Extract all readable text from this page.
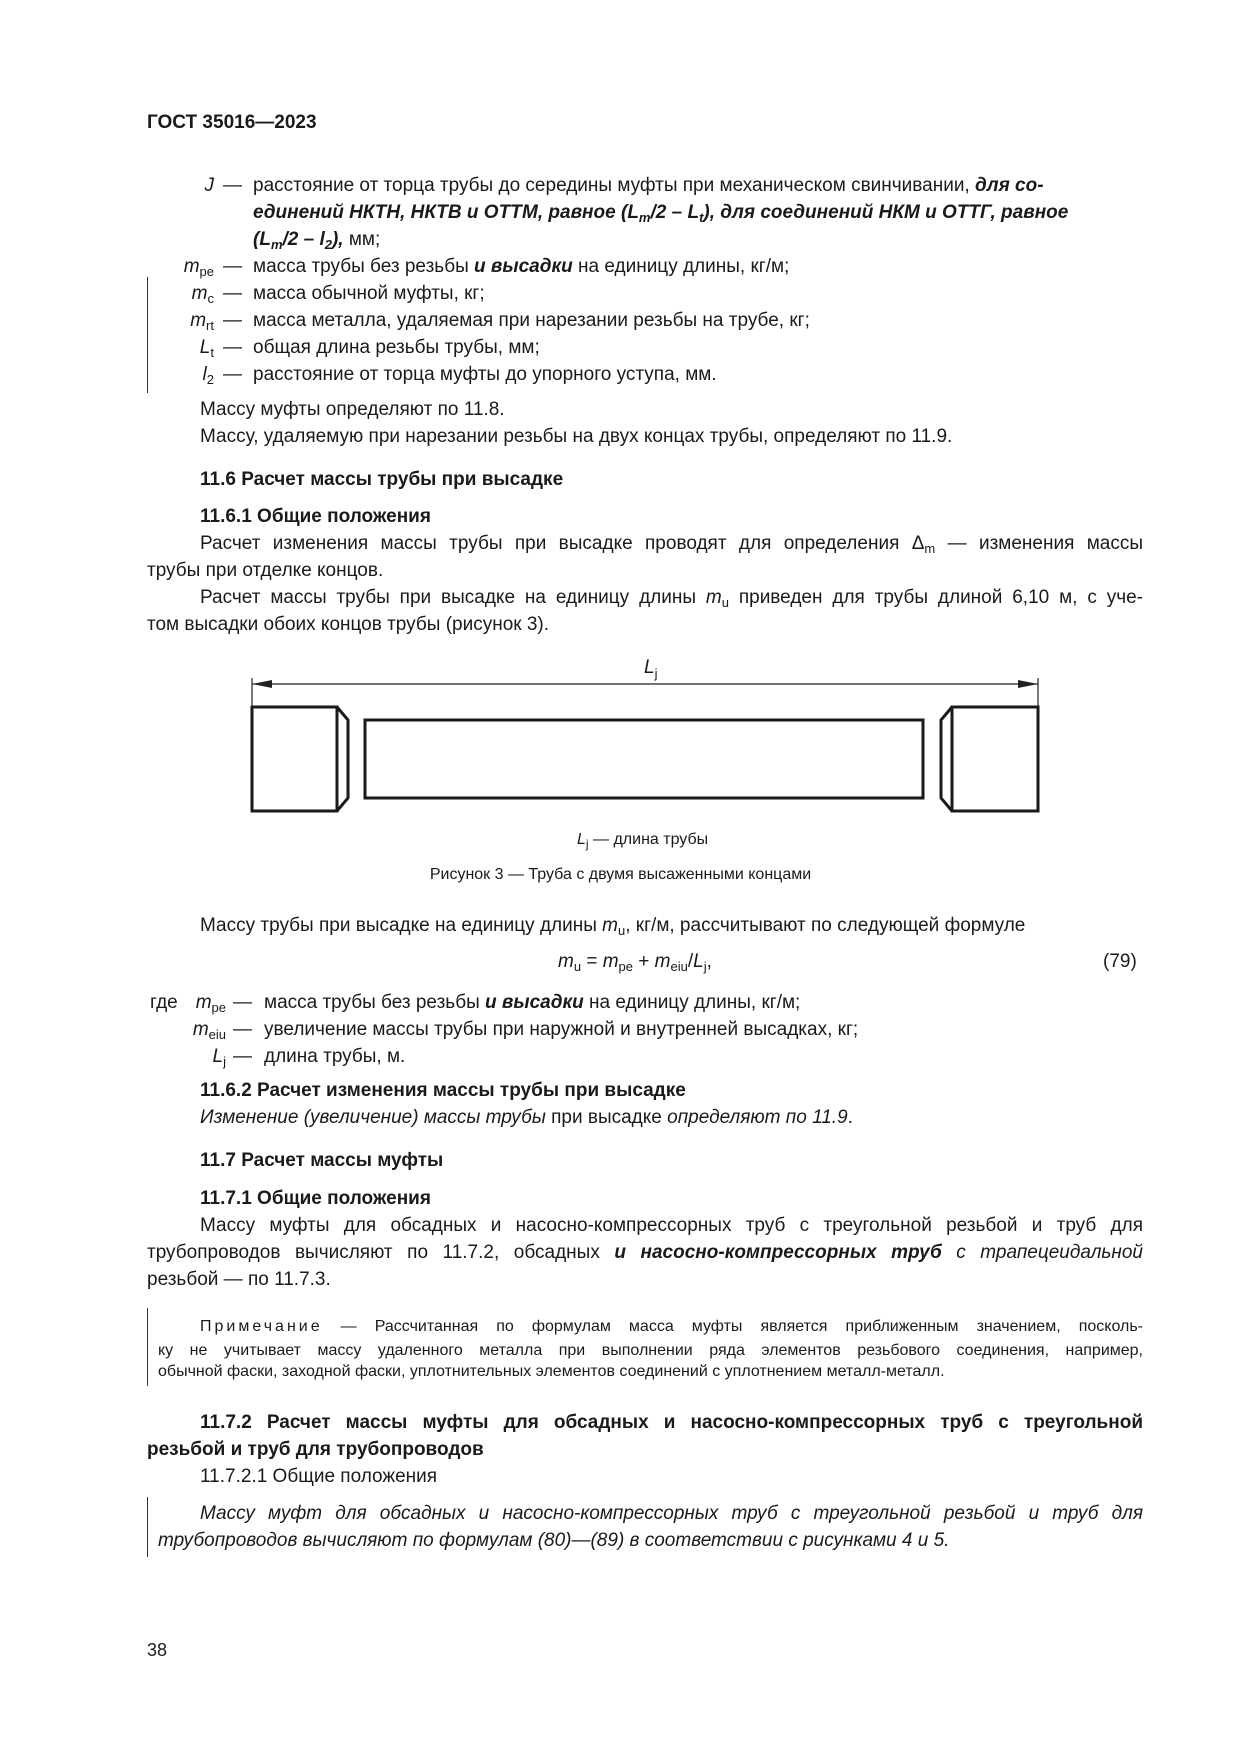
ГОСТ 35016—2023
J — расстояние от торца трубы до середины муфты при механическом свинчивании, для со-
единений НКТН, НКТВ и ОТТМ, равное $(L_m/2 - L_t)$, для соединений НКМ и ОТТГ, равное
$(L_m/2 - l_2)$, мм;
$m_{pe}$ — масса трубы без резьбы и высадки на единицу длины, кг/м;
$m_c$ — масса обычной муфты, кг;
$m_{rt}$ — масса металла, удаляемая при нарезании резьбы на трубе, кг;
$L_t$ — общая длина резьбы трубы, мм;
$l_2$ — расстояние от торца муфты до упорного уступа, мм.
Массу муфты определяют по 11.8.
Массу, удаляемую при нарезании резьбы на двух концах трубы, определяют по 11.9.
11.6 Расчет массы трубы при высадке
11.6.1 Общие положения
Расчет изменения массы трубы при высадке проводят для определения $\Delta_m$ — изменения массы
трубы при отделке концов.
Расчет массы трубы при высадке на единицу длины $m_u$ приведен для трубы длиной 6,10 м, с уче-
том высадки обоих концов трубы (рисунок 3).
$L_j$
$L_j$ — длина трубы
Рисунок 3 — Труба с двумя высаженными концами
Массу трубы при высадке на единицу длины $m_u$, кг/м, рассчитывают по следующей формуле
$m_u = m_{pe} + m_{eiu}/L_j$,	(79)
где $m_{pe}$ — масса трубы без резьбы и высадки на единицу длины, кг/м;
$m_{eiu}$ — увеличение массы трубы при наружной и внутренней высадках, кг;
$L_j$ — длина трубы, м.
11.6.2 Расчет изменения массы трубы при высадке
Изменение (увеличение) массы трубы при высадке определяют по 11.9.
11.7 Расчет массы муфты
11.7.1 Общие положения
Массу муфты для обсадных и насосно-компрессорных труб с треугольной резьбой и труб для
трубопроводов вычисляют по 11.7.2, обсадных и насосно-компрессорных труб с трапецеидальной
резьбой — по 11.7.3.
Примечание — Рассчитанная по формулам масса муфты является приближенным значением, посколь-
ку не учитывает массу удаленного металла при выполнении ряда элементов резьбового соединения, например,
обычной фаски, заходной фаски, уплотнительных элементов соединений с уплотнением металл-металл.
11.7.2 Расчет массы муфты для обсадных и насосно-компрессорных труб с треугольной
резьбой и труб для трубопроводов
11.7.2.1 Общие положения
Массу муфт для обсадных и насосно-компрессорных труб с треугольной резьбой и труб для
трубопроводов вычисляют по формулам (80)—(89) в соответствии с рисунками 4 и 5.
38
